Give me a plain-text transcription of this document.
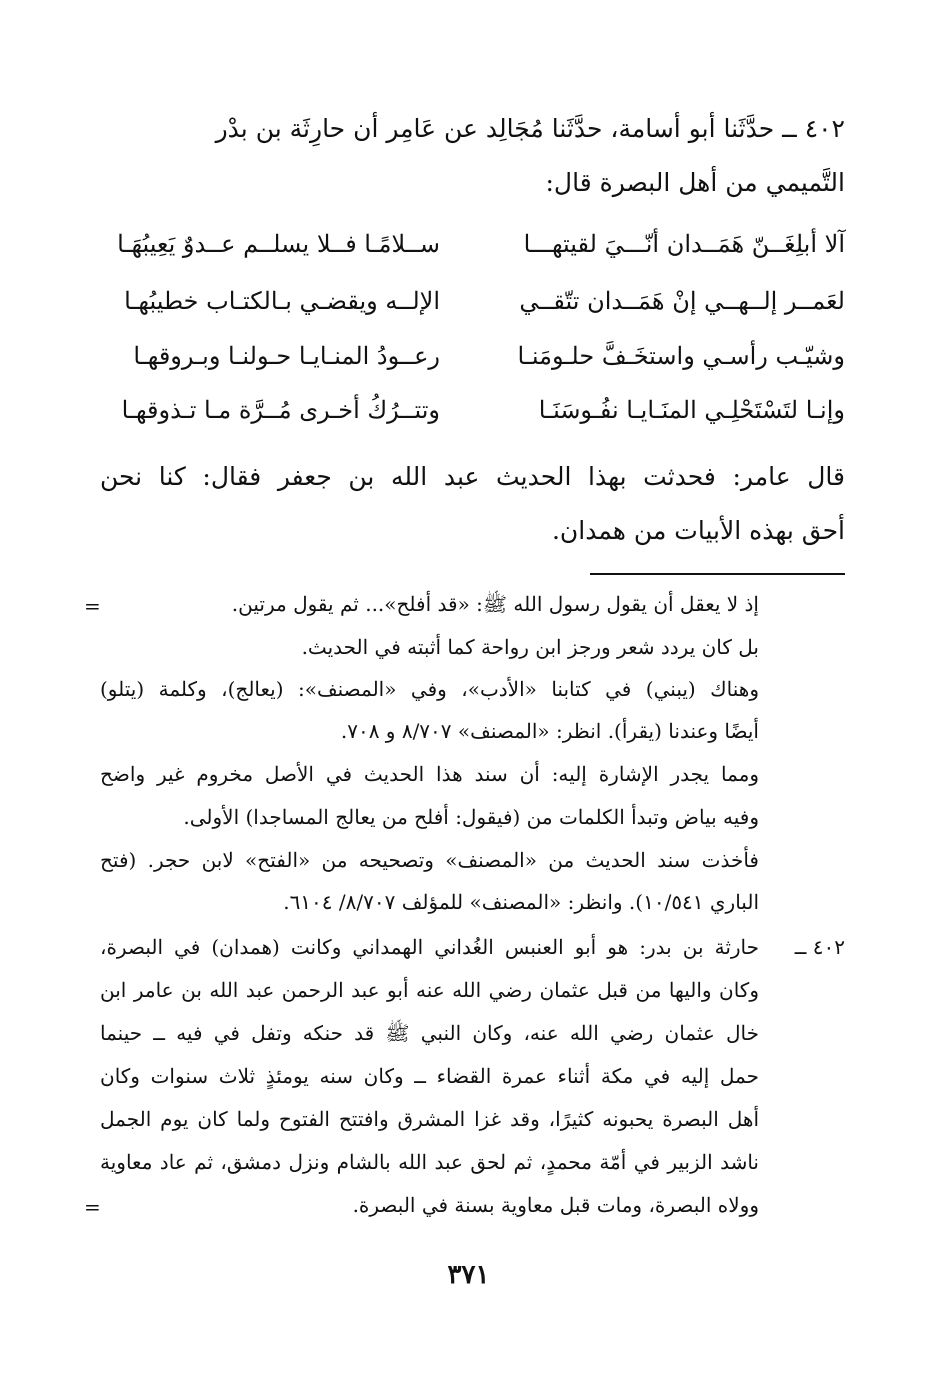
٤٠٢ ــ حدَّثَنا أبو أسامة، حدَّثَنا مُجَالِد عن عَامِر أن حارِثَة بن بدْر
التَّميمي من أهل البصرة قال:
آلا أبلِغَــنّ هَمَــدان أنّـــيَ لقيتهـــا
ســلامًـا فــلا يسلــم عــدوٌ يَعِيبُهَـا
لعَمــر إلــهــي إنْ هَمَــدان تتّقــي
الإلــه ويقضـي بـالكتـاب خطيبُهـا
وشيّـب رأسـي واستخَـفَّ حلـومَنـا
رعــودُ المنـايـا حـولنـا وبـروقهـا
وإنـا لتَسْتَحْلِـي المنَـايـا نفُـوسَنَـا
وتتــرُكُ أخـرى مُــرَّة مـا تـذوقهـا
قال عامر: فحدثت بهذا الحديث عبد الله بن جعفر فقال: كنا نحن
أحق بهذه الأبيات من همدان.
=	إذ لا يعقل أن يقول رسول الله ﷺ: «قد أفلح»... ثم يقول مرتين.
بل كان يردد شعر ورجز ابن رواحة كما أثبته في الحديث.
وهناك (يبني) في كتابنا «الأدب»، وفي «المصنف»: (يعالج)، وكلمة (يتلو)
أيضًا وعندنا (يقرأ). انظر: «المصنف» ٨/٧٠٧ و ٧٠٨.
ومما يجدر الإشارة إليه: أن سند هذا الحديث في الأصل مخروم غير واضح
وفيه بياض وتبدأ الكلمات من (فيقول: أفلح من يعالج المساجدا) الأولى.
فأخذت سند الحديث من «المصنف» وتصحيحه من «الفتح» لابن حجر. (فتح
الباري ١٠/٥٤١). وانظر: «المصنف» للمؤلف ٨/٧٠٧/ ٦١٠٤.
٤٠٢ ــ
حارثة بن بدر: هو أبو العنبس الغُداني الهمداني وكانت (همدان) في البصرة،
وكان واليها من قبل عثمان رضي الله عنه أبو عبد الرحمن عبد الله بن عامر ابن
خال عثمان رضي الله عنه، وكان النبي ﷺ قد حنكه وتفل في فيه ــ حينما
حمل إليه في مكة أثناء عمرة القضاء ــ وكان سنه يومئذٍ ثلاث سنوات وكان
أهل البصرة يحبونه كثيرًا، وقد غزا المشرق وافتتح الفتوح ولما كان يوم الجمل
ناشد الزبير في أمّة محمدٍ، ثم لحق عبد الله بالشام ونزل دمشق، ثم عاد معاوية
وولاه البصرة، ومات قبل معاوية بسنة في البصرة.
=
٣٧١
